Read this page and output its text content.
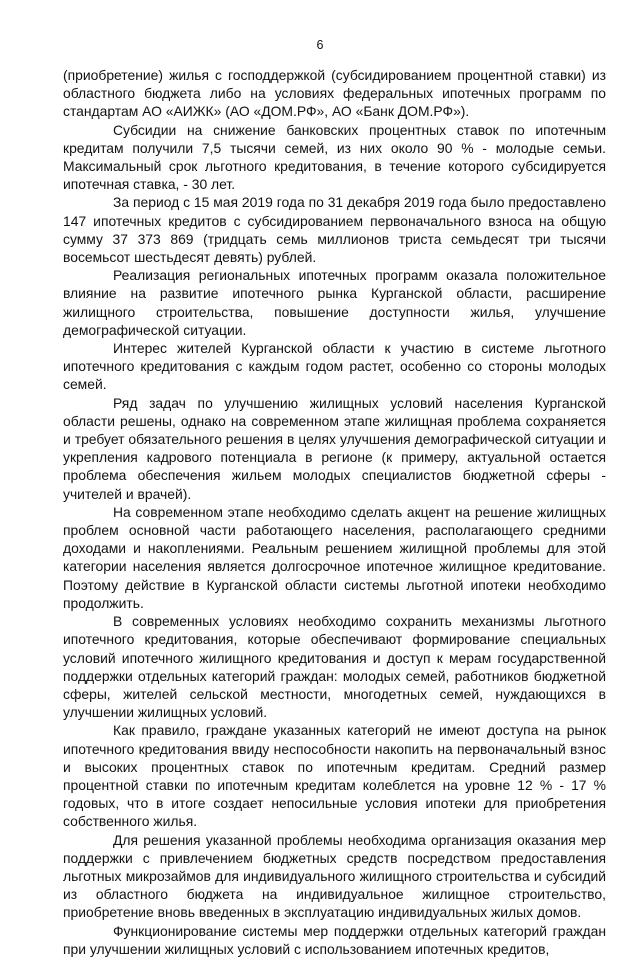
6

(приобретение) жилья с господдержкой (субсидированием процентной ставки) из областного бюджета либо на условиях федеральных ипотечных программ по стандартам АО «АИЖК» (АО «ДОМ.РФ», АО «Банк ДОМ.РФ»).

Субсидии на снижение банковских процентных ставок по ипотечным кредитам получили 7,5 тысячи семей, из них около 90 % - молодые семьи. Максимальный срок льготного кредитования, в течение которого субсидируется ипотечная ставка, - 30 лет.

За период с 15 мая 2019 года по 31 декабря 2019 года было предоставлено 147 ипотечных кредитов с субсидированием первоначального взноса на общую сумму 37 373 869 (тридцать семь миллионов триста семьдесят три тысячи восемьсот шестьдесят девять) рублей.

Реализация региональных ипотечных программ оказала положительное влияние на развитие ипотечного рынка Курганской области, расширение жилищного строительства, повышение доступности жилья, улучшение демографической ситуации.

Интерес жителей Курганской области к участию в системе льготного ипотечного кредитования с каждым годом растет, особенно со стороны молодых семей.

Ряд задач по улучшению жилищных условий населения Курганской области решены, однако на современном этапе жилищная проблема сохраняется и требует обязательного решения в целях улучшения демографической ситуации и укрепления кадрового потенциала в регионе (к примеру, актуальной остается проблема обеспечения жильем молодых специалистов бюджетной сферы - учителей и врачей).

На современном этапе необходимо сделать акцент на решение жилищных проблем основной части работающего населения, располагающего средними доходами и накоплениями. Реальным решением жилищной проблемы для этой категории населения является долгосрочное ипотечное жилищное кредитование. Поэтому действие в Курганской области системы льготной ипотеки необходимо продолжить.

В современных условиях необходимо сохранить механизмы льготного ипотечного кредитования, которые обеспечивают формирование специальных условий ипотечного жилищного кредитования и доступ к мерам государственной поддержки отдельных категорий граждан: молодых семей, работников бюджетной сферы, жителей сельской местности, многодетных семей, нуждающихся в улучшении жилищных условий.

Как правило, граждане указанных категорий не имеют доступа на рынок ипотечного кредитования ввиду неспособности накопить на первоначальный взнос и высоких процентных ставок по ипотечным кредитам. Средний размер процентной ставки по ипотечным кредитам колеблется на уровне 12 % - 17 % годовых, что в итоге создает непосильные условия ипотеки для приобретения собственного жилья.

Для решения указанной проблемы необходима организация оказания мер поддержки с привлечением бюджетных средств посредством предоставления льготных микрозаймов для индивидуального жилищного строительства и субсидий из областного бюджета на индивидуальное жилищное строительство, приобретение вновь введенных в эксплуатацию индивидуальных жилых домов.

Функционирование системы мер поддержки отдельных категорий граждан при улучшении жилищных условий с использованием ипотечных кредитов,
